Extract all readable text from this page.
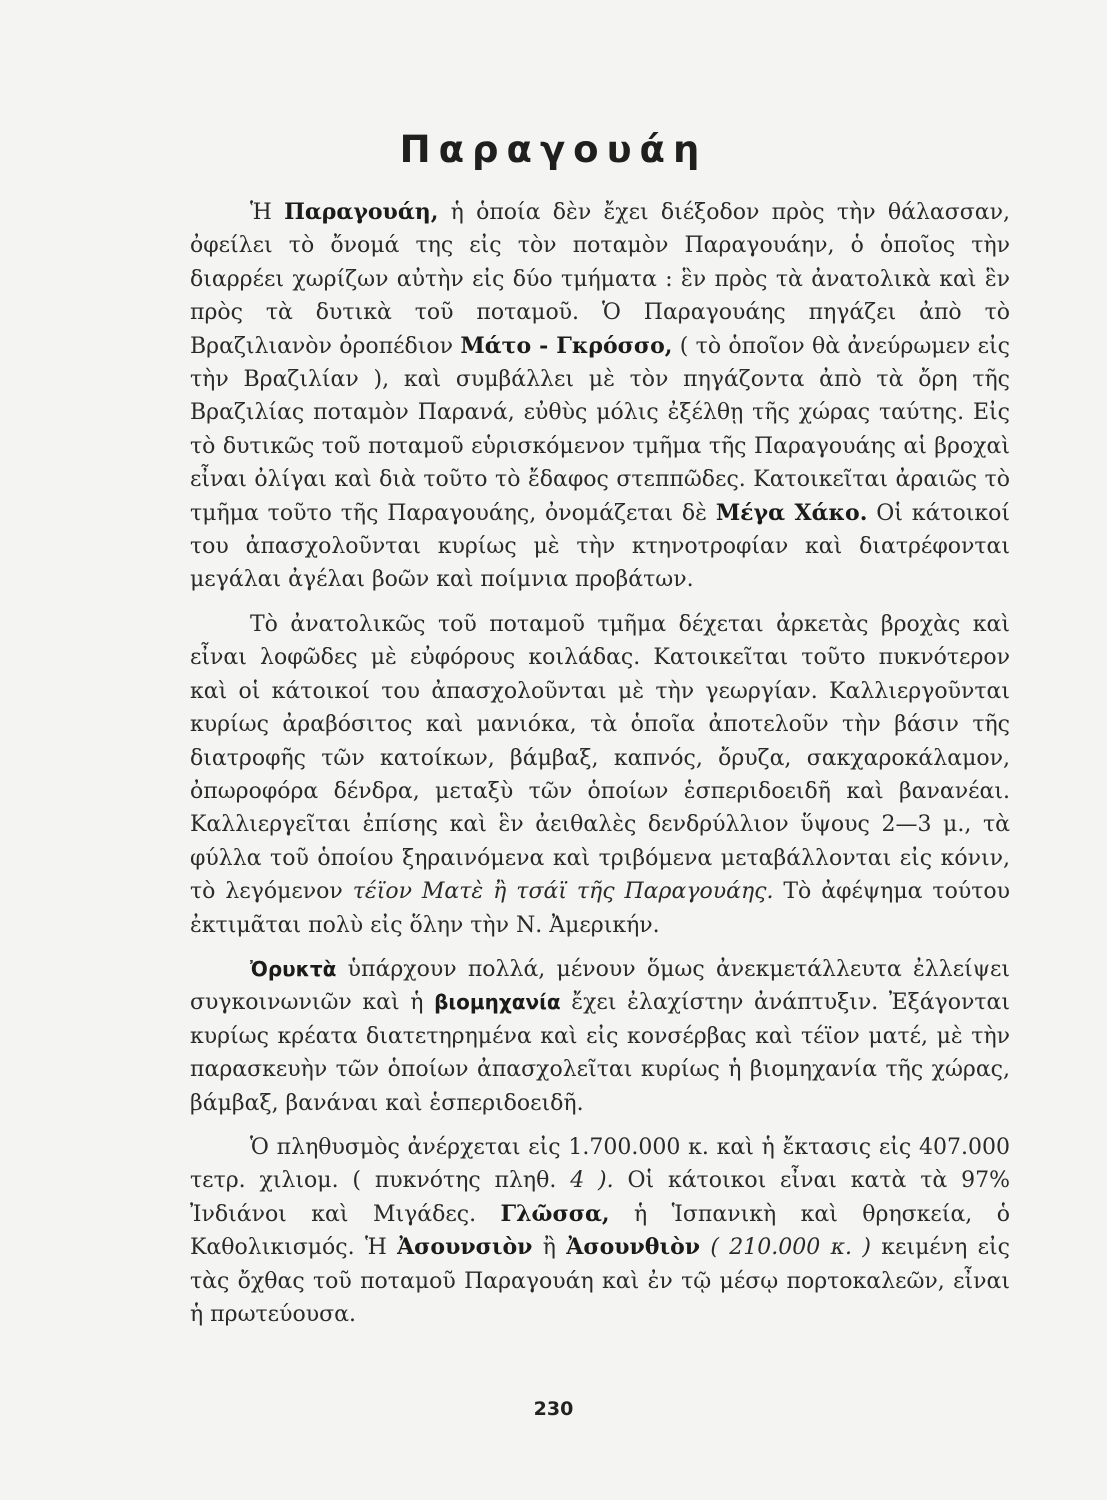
Παραγουάη

Ἡ Παραγουάη, ἡ ὁποία δὲν ἔχει διέξοδον πρὸς τὴν θάλασσαν, ὀφείλει τὸ ὄνομά της εἰς τὸν ποταμὸν Παραγουάην, ὁ ὁποῖος τὴν διαρρέει χωρίζων αὐτὴν εἰς δύο τμήματα : ἓν πρὸς τὰ ἀνατολικὰ καὶ ἓν πρὸς τὰ δυτικὰ τοῦ ποταμοῦ. Ὁ Παραγουάης πηγάζει ἀπὸ τὸ Βραζιλιανὸν ὀροπέδιον Μάτο - Γκρόσσο, ( τὸ ὁποῖον θὰ ἀνεύρωμεν εἰς τὴν Βραζιλίαν ), καὶ συμβάλλει μὲ τὸν πηγάζοντα ἀπὸ τὰ ὄρη τῆς Βραζιλίας ποταμὸν Παρανά, εὐθὺς μόλις ἐξέλθῃ τῆς χώρας ταύτης. Εἰς τὸ δυτικῶς τοῦ ποταμοῦ εὑρισκόμενον τμῆμα τῆς Παραγουάης αἱ βροχαὶ εἶναι ὀλίγαι καὶ διὰ τοῦτο τὸ ἔδαφος στεππῶδες. Κατοικεῖται ἀραιῶς τὸ τμῆμα τοῦτο τῆς Παραγουάης, ὀνομάζεται δὲ Μέγα Χάκο. Οἱ κάτοικοί του ἀπασχολοῦνται κυρίως μὲ τὴν κτηνοτροφίαν καὶ διατρέφονται μεγάλαι ἀγέλαι βοῶν καὶ ποίμνια προβάτων.

Τὸ ἀνατολικῶς τοῦ ποταμοῦ τμῆμα δέχεται ἀρκετὰς βροχὰς καὶ εἶναι λοφῶδες μὲ εὐφόρους κοιλάδας. Κατοικεῖται τοῦτο πυκνότερον καὶ οἱ κάτοικοί του ἀπασχολοῦνται μὲ τὴν γεωργίαν. Καλλιεργοῦνται κυρίως ἀραβόσιτος καὶ μανιόκα, τὰ ὁποῖα ἀποτελοῦν τὴν βάσιν τῆς διατροφῆς τῶν κατοίκων, βάμβαξ, καπνός, ὄρυζα, σακχαροκάλαμον, ὀπωροφόρα δένδρα, μεταξὺ τῶν ὁποίων ἑσπεριδοειδῆ καὶ βανανέαι. Καλλιεργεῖται ἐπίσης καὶ ἓν ἀειθαλὲς δενδρύλλιον ὕψους 2—3 μ., τὰ φύλλα τοῦ ὁποίου ξηραινόμενα καὶ τριβόμενα μεταβάλλονται εἰς κόνιν, τὸ λεγόμενον τέϊον Ματὲ ἢ τσάϊ τῆς Παραγουάης. Τὸ ἀφέψημα τούτου ἐκτιμᾶται πολὺ εἰς ὅλην τὴν Ν. Ἀμερικήν.

Ὀρυκτὰ ὑπάρχουν πολλά, μένουν ὅμως ἀνεκμετάλλευτα ἐλλείψει συγκοινωνιῶν καὶ ἡ βιομηχανία ἔχει ἐλαχίστην ἀνάπτυξιν. Ἐξάγονται κυρίως κρέατα διατετηρημένα καὶ εἰς κονσέρβας καὶ τέϊον ματέ, μὲ τὴν παρασκευὴν τῶν ὁποίων ἀπασχολεῖται κυρίως ἡ βιομηχανία τῆς χώρας, βάμβαξ, βανάναι καὶ ἑσπεριδοειδῆ.

Ὁ πληθυσμὸς ἀνέρχεται εἰς 1.700.000 κ. καὶ ἡ ἔκτασις εἰς 407.000 τετρ. χιλιομ. ( πυκνότης πληθ. 4 ). Οἱ κάτοικοι εἶναι κατὰ τὰ 97% Ἰνδιάνοι καὶ Μιγάδες. Γλῶσσα, ἡ Ἱσπανικὴ καὶ θρησκεία, ὁ Καθολικισμός. Ἡ Ἀσουνσιὸν ἢ Ἀσουνθιὸν ( 210.000 κ. ) κειμένη εἰς τὰς ὄχθας τοῦ ποταμοῦ Παραγουάη καὶ ἐν τῷ μέσῳ πορτοκαλεῶν, εἶναι ἡ πρωτεύουσα.

230
